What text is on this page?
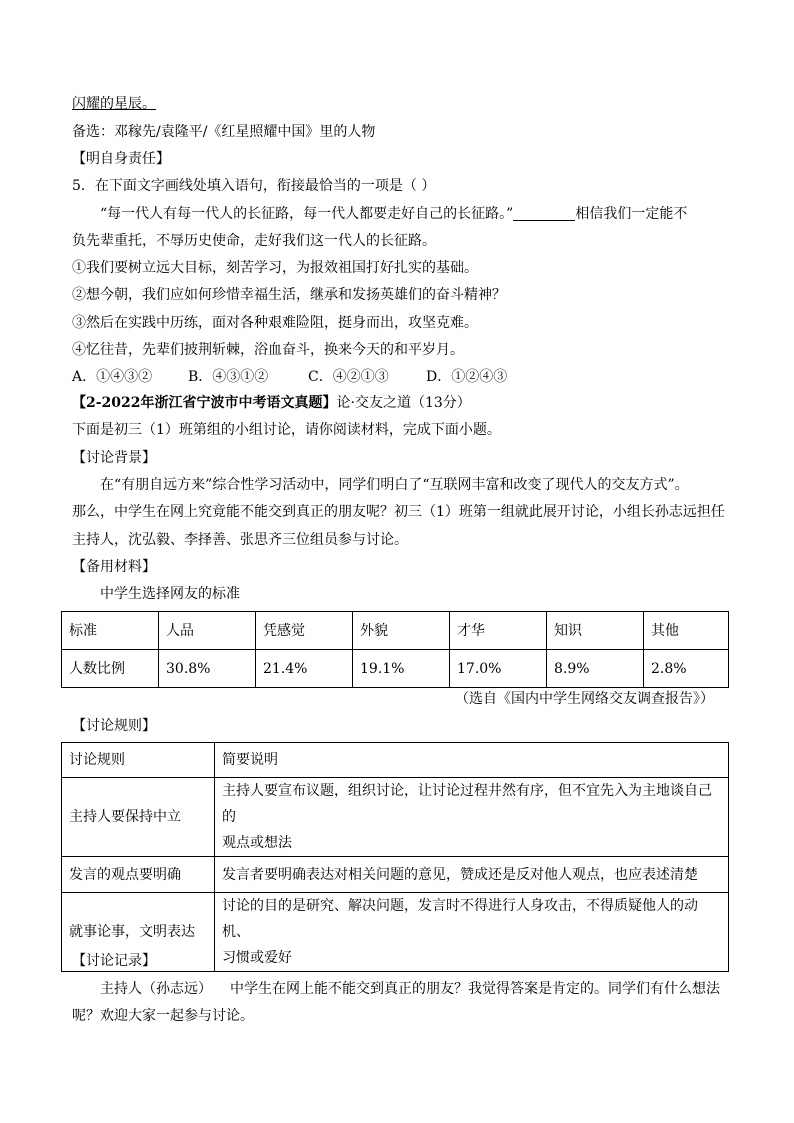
闪耀的星辰。
备选：邓稼先/袁隆平/《红星照耀中国》里的人物
【明自身责任】
5．在下面文字画线处填入语句，衔接最恰当的一项是（ ）
“每一代人有每一代人的长征路，每一代人都要走好自己的长征路。”	相信我们一定能不
负先辈重托，不辱历史使命，走好我们这一代人的长征路。
①我们要树立远大目标，刻苦学习，为报效祖国打好扎实的基础。
②想今朝，我们应如何珍惜幸福生活，继承和发扬英雄们的奋斗精神？
③然后在实践中历练，面对各种艰难险阻，挺身而出，攻坚克难。
④忆往昔，先辈们披荆斩棘，浴血奋斗，换来今天的和平岁月。
A．①④③②	B．④③①②	C．④②①③	D．①②④③
【2-2022年浙江省宁波市中考语文真题】论·交友之道（13分）
下面是初三（1）班第组的小组讨论，请你阅读材料，完成下面小题。
【讨论背景】
在“有朋自远方来”综合性学习活动中，同学们明白了“互联网丰富和改变了现代人的交友方式”。
那么，中学生在网上究竟能不能交到真正的朋友呢？初三（1）班第一组就此展开讨论，小组长孙志远担任
主持人，沈弘毅、李择善、张思齐三位组员参与讨论。
【备用材料】
中学生选择网友的标准
标准	人品	凭感觉	外貌	才华	知识	其他
人数比例	30.8%	21.4%	19.1%	17.0%	8.9%	2.8%
（选自《国内中学生网络交友调查报告》）
【讨论规则】
讨论规则	简要说明
主持人要保持中立	主持人要宣布议题，组织讨论，让讨论过程井然有序，但不宜先入为主地谈自己的
观点或想法

发言的观点要明确	发言者要明确表达对相关问题的意见，赞成还是反对他人观点，也应表述清楚
就事论事，文明表达	讨论的目的是研究、解决问题，发言时不得进行人身攻击，不得质疑他人的动机、
习惯或爱好
【讨论记录】
主持人（孙志远） 中学生在网上能不能交到真正的朋友？我觉得答案是肯定的。同学们有什么想法
呢？欢迎大家一起参与讨论。
